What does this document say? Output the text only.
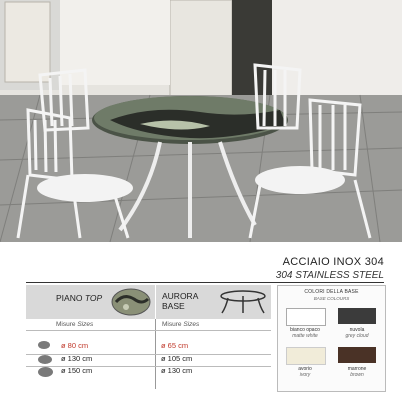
ACCIAIO INOX 304
304 STAINLESS STEEL
PIANO TOP	AURORA
BASE
Misure Sizes	Misure Sizes
ø 80 cm	ø 65 cm
ø 130 cm	ø 105 cm
ø 150 cm	ø 130 cm
COLORI DELLA BASE
BASE COLOURS
bianco opaco
matte white
nuvola
grey cloud
avorio
ivory
marrone
brown
